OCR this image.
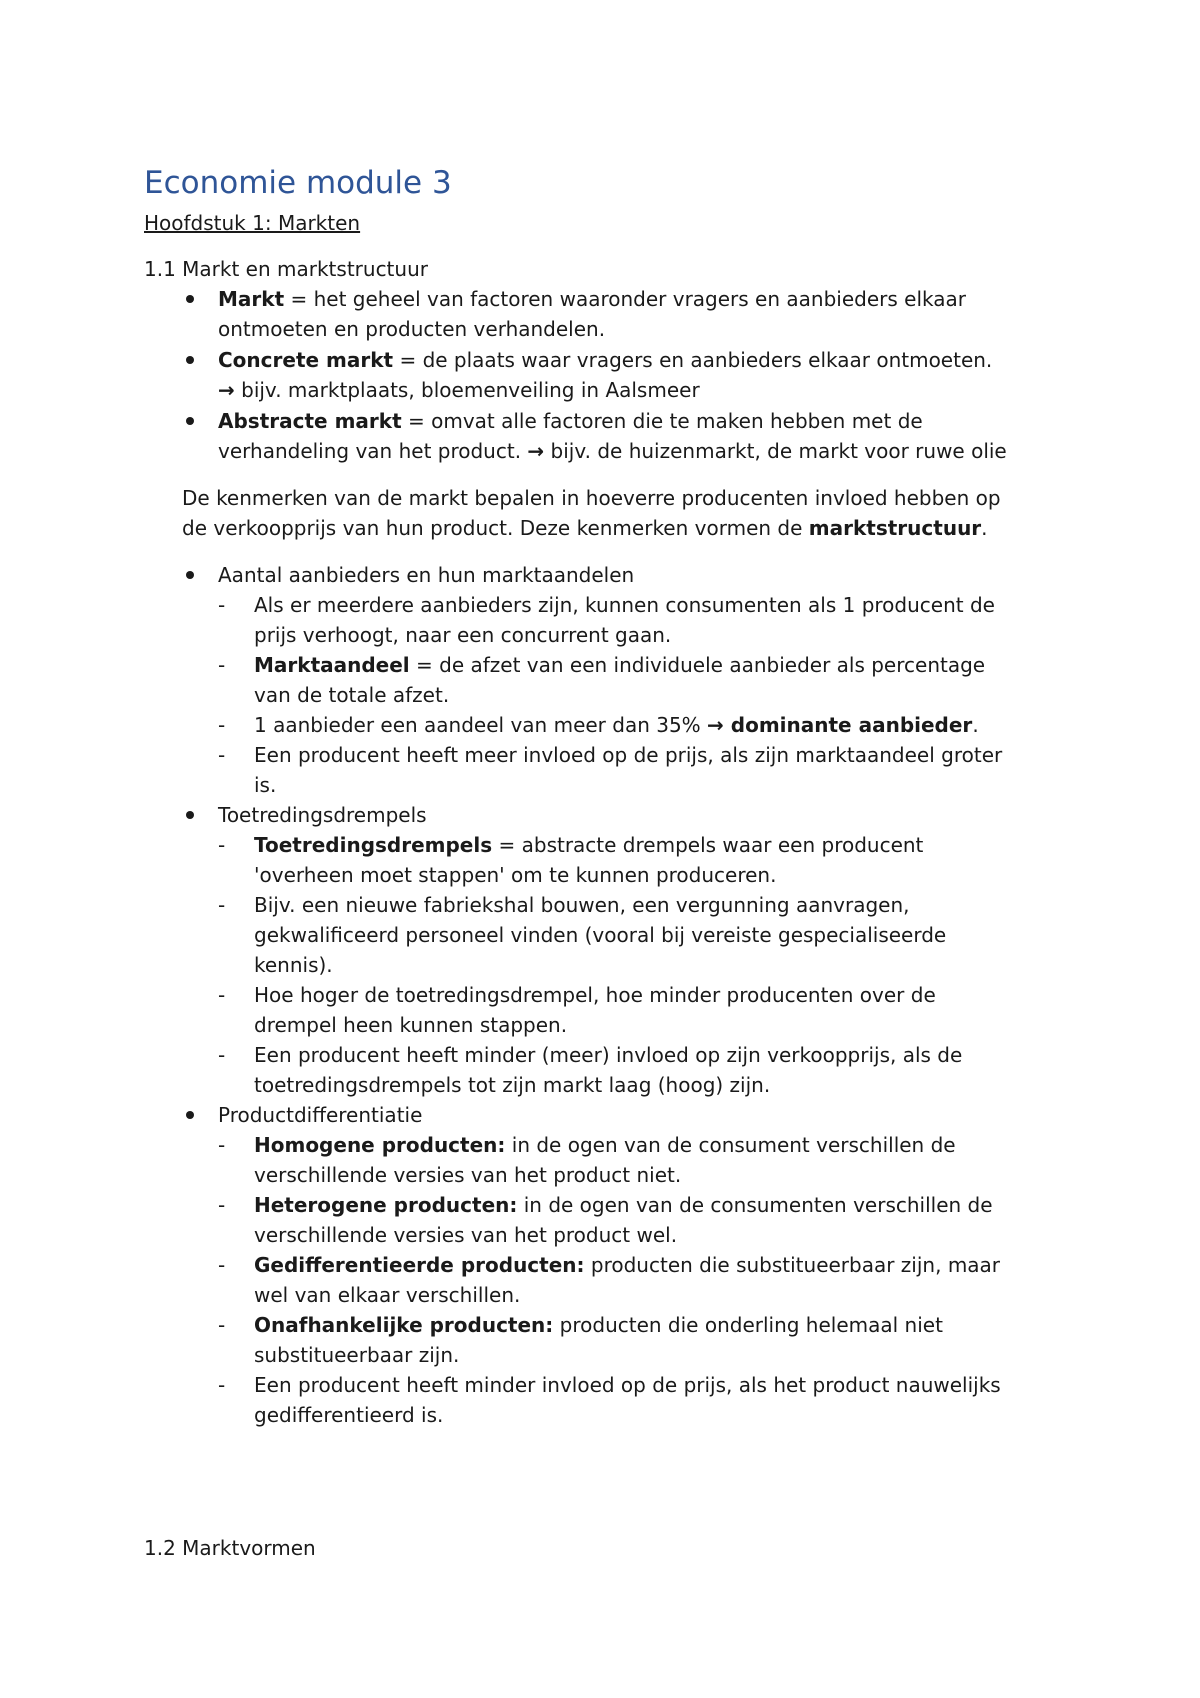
Economie module 3
Hoofdstuk 1: Markten
1.1 Markt en marktstructuur
Markt = het geheel van factoren waaronder vragers en aanbieders elkaar
ontmoeten en producten verhandelen.
Concrete markt = de plaats waar vragers en aanbieders elkaar ontmoeten.
→ bijv. marktplaats, bloemenveiling in Aalsmeer
Abstracte markt = omvat alle factoren die te maken hebben met de
verhandeling van het product. → bijv. de huizenmarkt, de markt voor ruwe olie
De kenmerken van de markt bepalen in hoeverre producenten invloed hebben op
de verkoopprijs van hun product. Deze kenmerken vormen de marktstructuur.
Aantal aanbieders en hun marktaandelen
- Als er meerdere aanbieders zijn, kunnen consumenten als 1 producent de
prijs verhoogt, naar een concurrent gaan.
- Marktaandeel = de afzet van een individuele aanbieder als percentage
van de totale afzet.
- 1 aanbieder een aandeel van meer dan 35% → dominante aanbieder.
- Een producent heeft meer invloed op de prijs, als zijn marktaandeel groter
is.
Toetredingsdrempels
- Toetredingsdrempels = abstracte drempels waar een producent
'overheen moet stappen' om te kunnen produceren.
- Bijv. een nieuwe fabriekshal bouwen, een vergunning aanvragen,
gekwalificeerd personeel vinden (vooral bij vereiste gespecialiseerde
kennis).
- Hoe hoger de toetredingsdrempel, hoe minder producenten over de
drempel heen kunnen stappen.
- Een producent heeft minder (meer) invloed op zijn verkoopprijs, als de
toetredingsdrempels tot zijn markt laag (hoog) zijn.
Productdifferentiatie
- Homogene producten: in de ogen van de consument verschillen de
verschillende versies van het product niet.
- Heterogene producten: in de ogen van de consumenten verschillen de
verschillende versies van het product wel.
- Gedifferentieerde producten: producten die substitueerbaar zijn, maar
wel van elkaar verschillen.
- Onafhankelijke producten: producten die onderling helemaal niet
substitueerbaar zijn.
- Een producent heeft minder invloed op de prijs, als het product nauwelijks
gedifferentieerd is.
1.2 Marktvormen
